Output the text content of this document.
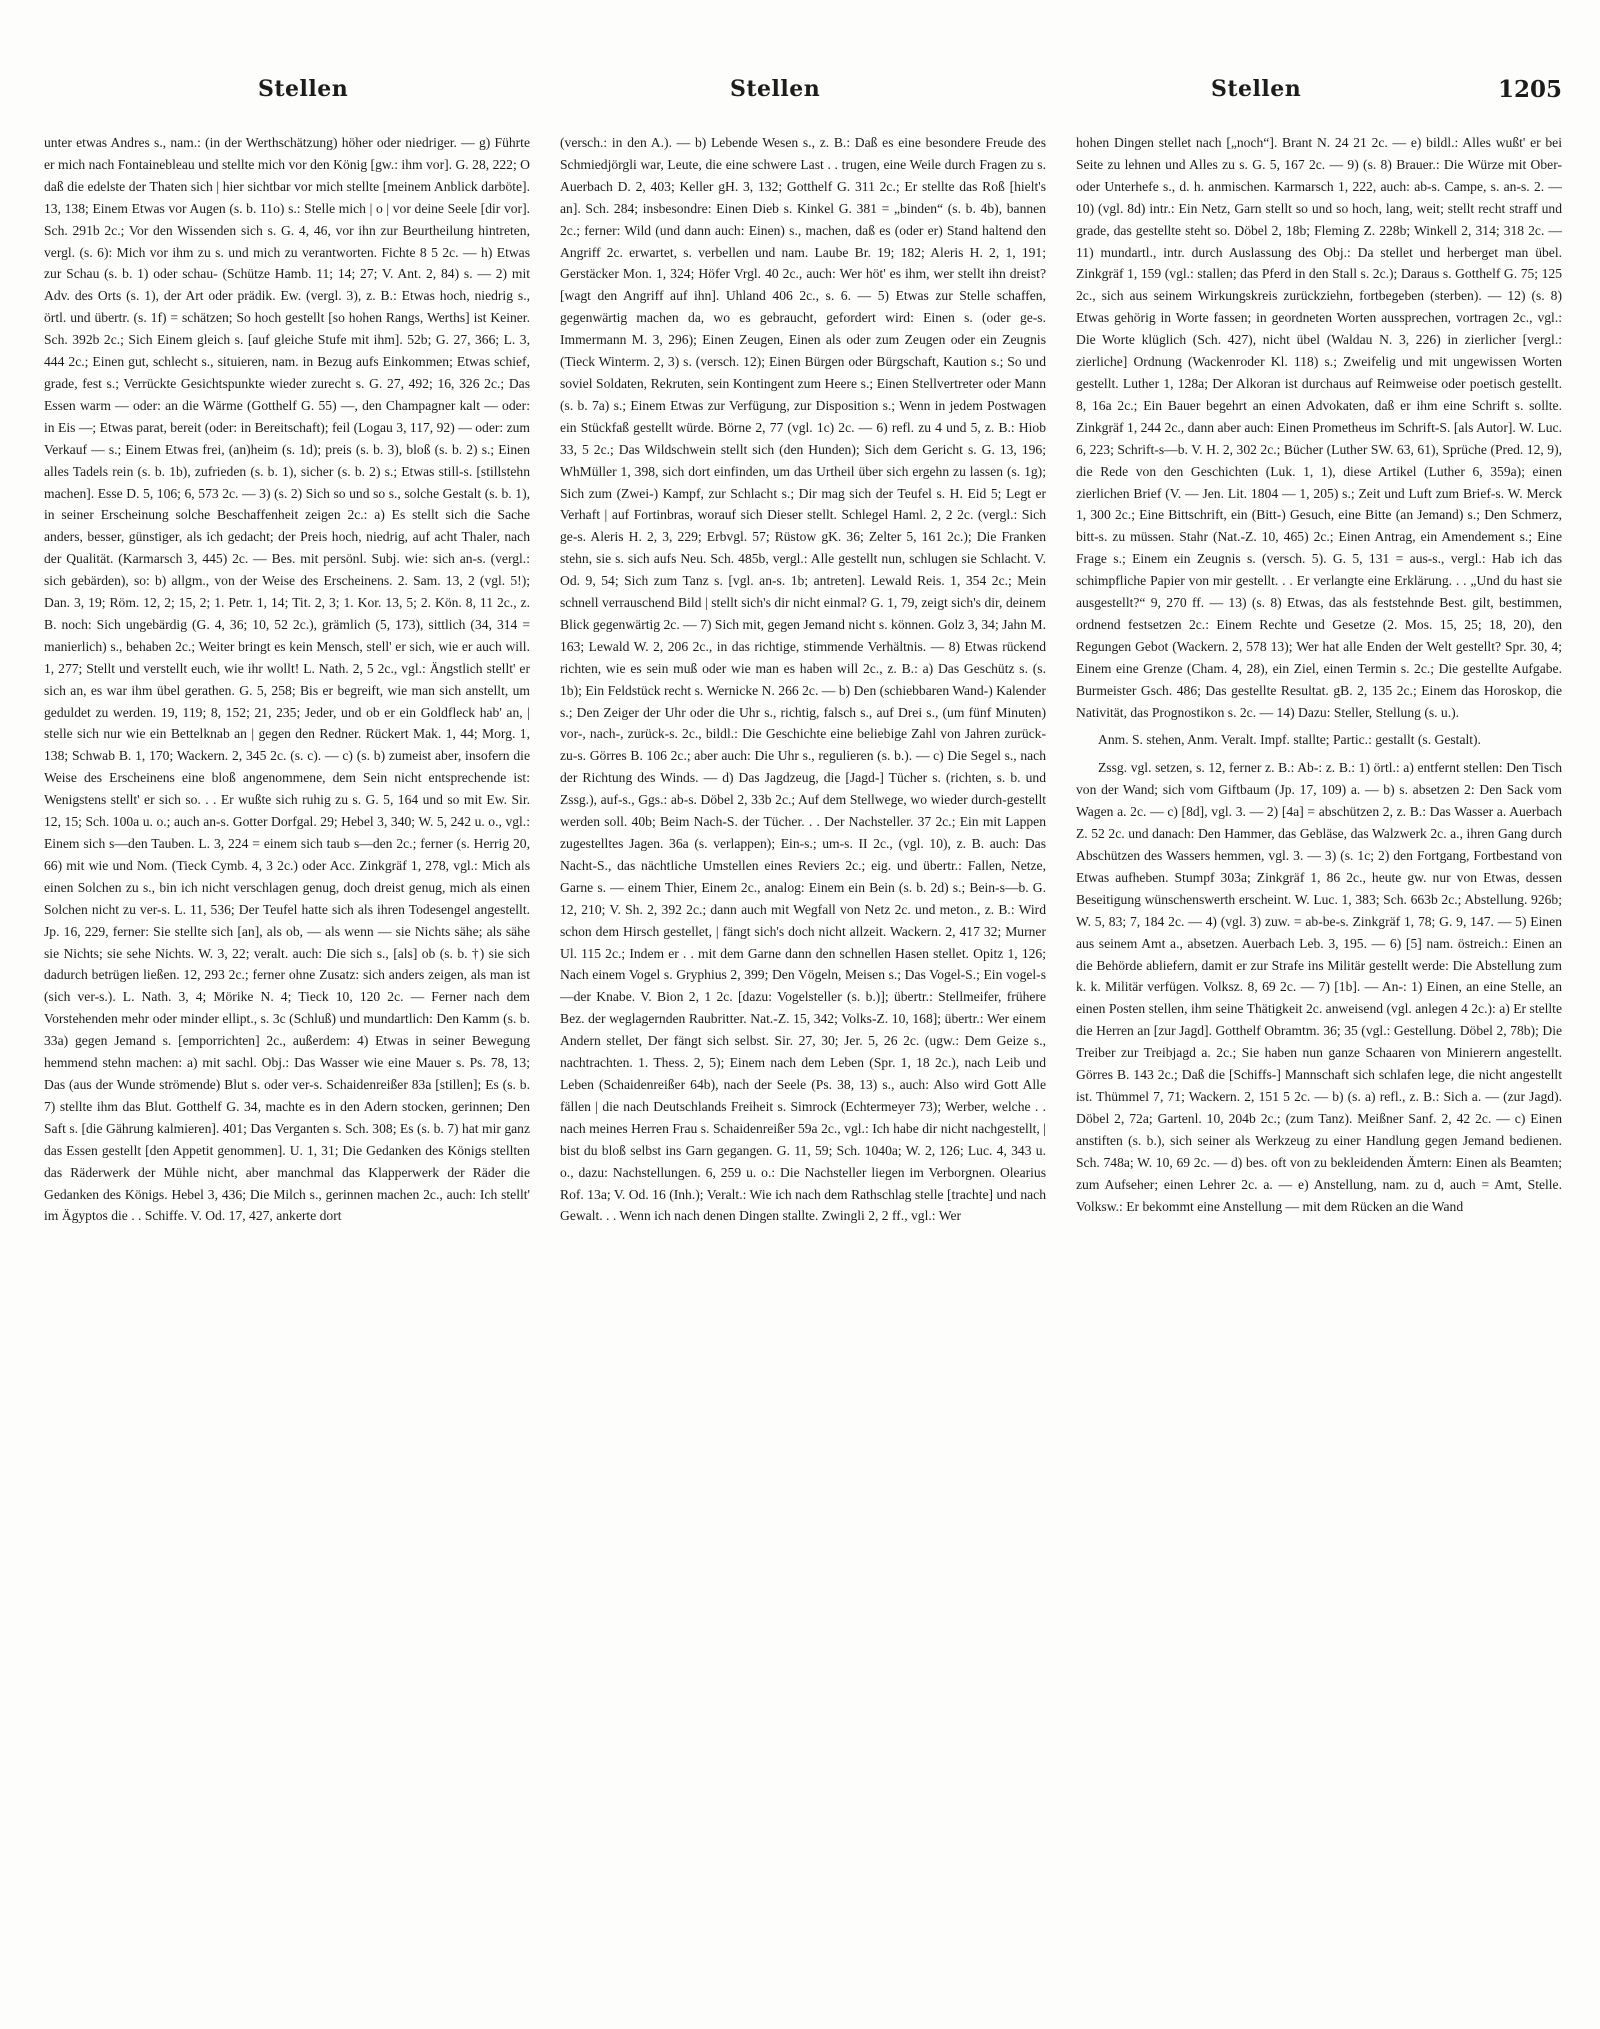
Stellen	Stellen	Stellen	1205

unter etwas Andres s., nam.: (in der Werthschätzung) höher oder niedriger. — g) Führte er mich nach Fontainebleau und stellte mich vor den König [gw.: ihm vor]. G. 28, 222; O daß die edelste der Thaten sich | hier sichtbar vor mich stellte [meinem Anblick darböte]. 13, 138; Einem Etwas vor Augen (s. b. 11o) s.: Stelle mich | o | vor deine Seele [dir vor]. Sch. 291b 2c.; Vor den Wissenden sich s. G. 4, 46, vor ihn zur Beurtheilung hintreten, vergl. (s. 6): Mich vor ihm zu s. und mich zu verantworten. Fichte 8 5 2c. — h) Etwas zur Schau (s. b. 1) oder schau- (Schütze Hamb. 11; 14; 27; V. Ant. 2, 84) s. — 2) mit Adv. des Orts (s. 1), der Art oder prädik. Ew. (vergl. 3), z. B.: Etwas hoch, niedrig s., örtl. und übertr. (s. 1f) = schätzen; So hoch gestellt [so hohen Rangs, Werths] ist Keiner. Sch. 392b 2c.; Sich Einem gleich s. [auf gleiche Stufe mit ihm]. 52b; G. 27, 366; L. 3, 444 2c.; Einen gut, schlecht s., situieren, nam. in Bezug aufs Einkommen; Etwas schief, grade, fest s.; Verrückte Gesichtspunkte wieder zurecht s. G. 27, 492; 16, 326 2c.; Das Essen warm — oder: an die Wärme (Gotthelf G. 55) —, den Champagner kalt — oder: in Eis —; Etwas parat, bereit (oder: in Bereitschaft); feil (Logau 3, 117, 92) — oder: zum Verkauf — s.; Einem Etwas frei, (an)heim (s. 1d); preis (s. b. 3), bloß (s. b. 2) s.; Einen alles Tadels rein (s. b. 1b), zufrieden (s. b. 1), sicher (s. b. 2) s.; Etwas still-s. [stillstehn machen]. Esse D. 5, 106; 6, 573 2c. — 3) (s. 2) Sich so und so s., solche Gestalt (s. b. 1), in seiner Erscheinung solche Beschaffenheit zeigen 2c.: a) Es stellt sich die Sache anders, besser, günstiger, als ich gedacht; der Preis hoch, niedrig, auf acht Thaler, nach der Qualität. (Karmarsch 3, 445) 2c. — Bes. mit persönl. Subj. wie: sich an-s. (vergl.: sich gebärden), so: b) allgm., von der Weise des Erscheinens. 2. Sam. 13, 2 (vgl. 5!); Dan. 3, 19; Röm. 12, 2; 15, 2; 1. Petr. 1, 14; Tit. 2, 3; 1. Kor. 13, 5; 2. Kön. 8, 11 2c., z. B. noch: Sich ungebärdig (G. 4, 36; 10, 52 2c.), grämlich (5, 173), sittlich (34, 314 = manierlich) s., behaben 2c.; Weiter bringt es kein Mensch, stell' er sich, wie er auch will. 1, 277; Stellt und verstellt euch, wie ihr wollt! L. Nath. 2, 5 2c., vgl.: Ängstlich stellt' er sich an, es war ihm übel gerathen. G. 5, 258; Bis er begreift, wie man sich anstellt, um geduldet zu werden. 19, 119; 8, 152; 21, 235; Jeder, und ob er ein Goldfleck hab' an, | stelle sich nur wie ein Bettelknab an | gegen den Redner. Rückert Mak. 1, 44; Morg. 1, 138; Schwab B. 1, 170; Wackern. 2, 345 2c. (s. c). — c) (s. b) zumeist aber, insofern die Weise des Erscheinens eine bloß angenommene, dem Sein nicht entsprechende ist: Wenigstens stellt' er sich so. . . Er wußte sich ruhig zu s. G. 5, 164 und so mit Ew. Sir. 12, 15; Sch. 100a u. o.; auch an-s. Gotter Dorfgal. 29; Hebel 3, 340; W. 5, 242 u. o., vgl.: Einem sich s—den Tauben. L. 3, 224 = einem sich taub s—den 2c.; ferner (s. Herrig 20, 66) mit wie und Nom. (Tieck Cymb. 4, 3 2c.) oder Acc. Zinkgräf 1, 278, vgl.: Mich als einen Solchen zu s., bin ich nicht verschlagen genug, doch dreist genug, mich als einen Solchen nicht zu ver-s. L. 11, 536; Der Teufel hatte sich als ihren Todesengel angestellt. Jp. 16, 229, ferner: Sie stellte sich [an], als ob, — als wenn — sie Nichts sähe; als sähe sie Nichts; sie sehe Nichts. W. 3, 22; veralt. auch: Die sich s., [als] ob (s. b. †) sie sich dadurch betrügen ließen. 12, 293 2c.; ferner ohne Zusatz: sich anders zeigen, als man ist (sich ver-s.). L. Nath. 3, 4; Mörike N. 4; Tieck 10, 120 2c. — Ferner nach dem Vorstehenden mehr oder minder ellipt., s. 3c (Schluß) und mundartlich: Den Kamm (s. b. 33a) gegen Jemand s. [emporrichten] 2c., außerdem: 4) Etwas in seiner Bewegung hemmend stehn machen: a) mit sachl. Obj.: Das Wasser wie eine Mauer s. Ps. 78, 13; Das (aus der Wunde strömende) Blut s. oder ver-s. Schaidenreißer 83a [stillen]; Es (s. b. 7) stellte ihm das Blut. Gotthelf G. 34, machte es in den Adern stocken, gerinnen; Den Saft s. [die Gährung kalmieren]. 401; Das Verganten s. Sch. 308; Es (s. b. 7) hat mir ganz das Essen gestellt [den Appetit genommen]. U. 1, 31; Die Gedanken des Königs stellten das Räderwerk der Mühle nicht, aber manchmal das Klapperwerk der Räder die Gedanken des Königs. Hebel 3, 436; Die Milch s., gerinnen machen 2c., auch: Ich stellt' im Ägyptos die . . Schiffe. V. Od. 17, 427, ankerte dort

(versch.: in den A.). — b) Lebende Wesen s., z. B.: Daß es eine besondere Freude des Schmiedjörgli war, Leute, die eine schwere Last . . trugen, eine Weile durch Fragen zu s. Auerbach D. 2, 403; Keller gH. 3, 132; Gotthelf G. 311 2c.; Er stellte das Roß [hielt's an]. Sch. 284; insbesondre: Einen Dieb s. Kinkel G. 381 = „binden“ (s. b. 4b), bannen 2c.; ferner: Wild (und dann auch: Einen) s., machen, daß es (oder er) Stand haltend den Angriff 2c. erwartet, s. verbellen und nam. Laube Br. 19; 182; Aleris H. 2, 1, 191; Gerstäcker Mon. 1, 324; Höfer Vrgl. 40 2c., auch: Wer höt' es ihm, wer stellt ihn dreist? [wagt den Angriff auf ihn]. Uhland 406 2c., s. 6. — 5) Etwas zur Stelle schaffen, gegenwärtig machen da, wo es gebraucht, gefordert wird: Einen s. (oder ge-s. Immermann M. 3, 296); Einen Zeugen, Einen als oder zum Zeugen oder ein Zeugnis (Tieck Winterm. 2, 3) s. (versch. 12); Einen Bürgen oder Bürgschaft, Kaution s.; So und soviel Soldaten, Rekruten, sein Kontingent zum Heere s.; Einen Stellvertreter oder Mann (s. b. 7a) s.; Einem Etwas zur Verfügung, zur Disposition s.; Wenn in jedem Postwagen ein Stückfaß gestellt würde. Börne 2, 77 (vgl. 1c) 2c. — 6) refl. zu 4 und 5, z. B.: Hiob 33, 5 2c.; Das Wildschwein stellt sich (den Hunden); Sich dem Gericht s. G. 13, 196; WhMüller 1, 398, sich dort einfinden, um das Urtheil über sich ergehn zu lassen (s. 1g); Sich zum (Zwei-) Kampf, zur Schlacht s.; Dir mag sich der Teufel s. H. Eid 5; Legt er Verhaft | auf Fortinbras, worauf sich Dieser stellt. Schlegel Haml. 2, 2 2c. (vergl.: Sich ge-s. Aleris H. 2, 3, 229; Erbvgl. 57; Rüstow gK. 36; Zelter 5, 161 2c.); Die Franken stehn, sie s. sich aufs Neu. Sch. 485b, vergl.: Alle gestellt nun, schlugen sie Schlacht. V. Od. 9, 54; Sich zum Tanz s. [vgl. an-s. 1b; antreten]. Lewald Reis. 1, 354 2c.; Mein schnell verrauschend Bild | stellt sich's dir nicht einmal? G. 1, 79, zeigt sich's dir, deinem Blick gegenwärtig 2c. — 7) Sich mit, gegen Jemand nicht s. können. Golz 3, 34; Jahn M. 163; Lewald W. 2, 206 2c., in das richtige, stimmende Verhältnis. — 8) Etwas rückend richten, wie es sein muß oder wie man es haben will 2c., z. B.: a) Das Geschütz s. (s. 1b); Ein Feldstück recht s. Wernicke N. 266 2c. — b) Den (schiebbaren Wand-) Kalender s.; Den Zeiger der Uhr oder die Uhr s., richtig, falsch s., auf Drei s., (um fünf Minuten) vor-, nach-, zurück-s. 2c., bildl.: Die Geschichte eine beliebige Zahl von Jahren zurück-zu-s. Görres B. 106 2c.; aber auch: Die Uhr s., regulieren (s. b.). — c) Die Segel s., nach der Richtung des Winds. — d) Das Jagdzeug, die [Jagd-] Tücher s. (richten, s. b. und Zssg.), auf-s., Ggs.: ab-s. Döbel 2, 33b 2c.; Auf dem Stellwege, wo wieder durch-gestellt werden soll. 40b; Beim Nach-S. der Tücher. . . Der Nachsteller. 37 2c.; Ein mit Lappen zugestelltes Jagen. 36a (s. verlappen); Ein-s.; um-s. II 2c., (vgl. 10), z. B. auch: Das Nacht-S., das nächtliche Umstellen eines Reviers 2c.; eig. und übertr.: Fallen, Netze, Garne s. — einem Thier, Einem 2c., analog: Einem ein Bein (s. b. 2d) s.; Bein-s—b. G. 12, 210; V. Sh. 2, 392 2c.; dann auch mit Wegfall von Netz 2c. und meton., z. B.: Wird schon dem Hirsch gestellet, | fängt sich's doch nicht allzeit. Wackern. 2, 417 32; Murner Ul. 115 2c.; Indem er . . mit dem Garne dann den schnellen Hasen stellet. Opitz 1, 126; Nach einem Vogel s. Gryphius 2, 399; Den Vögeln, Meisen s.; Das Vogel-S.; Ein vogel-s—der Knabe. V. Bion 2, 1 2c. [dazu: Vogelsteller (s. b.)]; übertr.: Stellmeifer, frühere Bez. der weglagernden Raubritter. Nat.-Z. 15, 342; Volks-Z. 10, 168]; übertr.: Wer einem Andern stellet, Der fängt sich selbst. Sir. 27, 30; Jer. 5, 26 2c. (ugw.: Dem Geize s., nachtrachten. 1. Thess. 2, 5); Einem nach dem Leben (Spr. 1, 18 2c.), nach Leib und Leben (Schaidenreißer 64b), nach der Seele (Ps. 38, 13) s., auch: Also wird Gott Alle fällen | die nach Deutschlands Freiheit s. Simrock (Echtermeyer 73); Werber, welche . . nach meines Herren Frau s. Schaidenreißer 59a 2c., vgl.: Ich habe dir nicht nachgestellt, | bist du bloß selbst ins Garn gegangen. G. 11, 59; Sch. 1040a; W. 2, 126; Luc. 4, 343 u. o., dazu: Nachstellungen. 6, 259 u. o.: Die Nachsteller liegen im Verborgnen. Olearius Rof. 13a; V. Od. 16 (Inh.); Veralt.: Wie ich nach dem Rathschlag stelle [trachte] und nach Gewalt. . . Wenn ich nach denen Dingen stallte. Zwingli 2, 2 ff., vgl.: Wer

hohen Dingen stellet nach [„noch“]. Brant N. 24 21 2c. — e) bildl.: Alles wußt' er bei Seite zu lehnen und Alles zu s. G. 5, 167 2c. — 9) (s. 8) Brauer.: Die Würze mit Ober- oder Unterhefe s., d. h. anmischen. Karmarsch 1, 222, auch: ab-s. Campe, s. an-s. 2. — 10) (vgl. 8d) intr.: Ein Netz, Garn stellt so und so hoch, lang, weit; stellt recht straff und grade, das gestellte steht so. Döbel 2, 18b; Fleming Z. 228b; Winkell 2, 314; 318 2c. — 11) mundartl., intr. durch Auslassung des Obj.: Da stellet und herberget man übel. Zinkgräf 1, 159 (vgl.: stallen; das Pferd in den Stall s. 2c.); Daraus s. Gotthelf G. 75; 125 2c., sich aus seinem Wirkungskreis zurückziehn, fortbegeben (sterben). — 12) (s. 8) Etwas gehörig in Worte fassen; in geordneten Worten aussprechen, vortragen 2c., vgl.: Die Worte klüglich (Sch. 427), nicht übel (Waldau N. 3, 226) in zierlicher [vergl.: zierliche] Ordnung (Wackenroder Kl. 118) s.; Zweifelig und mit ungewissen Worten gestellt. Luther 1, 128a; Der Alkoran ist durchaus auf Reimweise oder poetisch gestellt. 8, 16a 2c.; Ein Bauer begehrt an einen Advokaten, daß er ihm eine Schrift s. sollte. Zinkgräf 1, 244 2c., dann aber auch: Einen Prometheus im Schrift-S. [als Autor]. W. Luc. 6, 223; Schrift-s—b. V. H. 2, 302 2c.; Bücher (Luther SW. 63, 61), Sprüche (Pred. 12, 9), die Rede von den Geschichten (Luk. 1, 1), diese Artikel (Luther 6, 359a); einen zierlichen Brief (V. — Jen. Lit. 1804 — 1, 205) s.; Zeit und Luft zum Brief-s. W. Merck 1, 300 2c.; Eine Bittschrift, ein (Bitt-) Gesuch, eine Bitte (an Jemand) s.; Den Schmerz, bitt-s. zu müssen. Stahr (Nat.-Z. 10, 465) 2c.; Einen Antrag, ein Amendement s.; Eine Frage s.; Einem ein Zeugnis s. (versch. 5). G. 5, 131 = aus-s., vergl.: Hab ich das schimpfliche Papier von mir gestellt. . . Er verlangte eine Erklärung. . . „Und du hast sie ausgestellt?“ 9, 270 ff. — 13) (s. 8) Etwas, das als feststehnde Best. gilt, bestimmen, ordnend festsetzen 2c.: Einem Rechte und Gesetze (2. Mos. 15, 25; 18, 20), den Regungen Gebot (Wackern. 2, 578 13); Wer hat alle Enden der Welt gestellt? Spr. 30, 4; Einem eine Grenze (Cham. 4, 28), ein Ziel, einen Termin s. 2c.; Die gestellte Aufgabe. Burmeister Gsch. 486; Das gestellte Resultat. gB. 2, 135 2c.; Einem das Horoskop, die Nativität, das Prognostikon s. 2c. — 14) Dazu: Steller, Stellung (s. u.).

Anm. S. stehen, Anm. Veralt. Impf. stallte; Partic.: gestallt (s. Gestalt).

Zssg. vgl. setzen, s. 12, ferner z. B.: Ab-: z. B.: 1) örtl.: a) entfernt stellen: Den Tisch von der Wand; sich vom Giftbaum (Jp. 17, 109) a. — b) s. absetzen 2: Den Sack vom Wagen a. 2c. — c) [8d], vgl. 3. — 2) [4a] = abschützen 2, z. B.: Das Wasser a. Auerbach Z. 52 2c. und danach: Den Hammer, das Gebläse, das Walzwerk 2c. a., ihren Gang durch Abschützen des Wassers hemmen, vgl. 3. — 3) (s. 1c; 2) den Fortgang, Fortbestand von Etwas aufheben. Stumpf 303a; Zinkgräf 1, 86 2c., heute gw. nur von Etwas, dessen Beseitigung wünschenswerth erscheint. W. Luc. 1, 383; Sch. 663b 2c.; Abstellung. 926b; W. 5, 83; 7, 184 2c. — 4) (vgl. 3) zuw. = ab-be-s. Zinkgräf 1, 78; G. 9, 147. — 5) Einen aus seinem Amt a., absetzen. Auerbach Leb. 3, 195. — 6) [5] nam. östreich.: Einen an die Behörde abliefern, damit er zur Strafe ins Militär gestellt werde: Die Abstellung zum k. k. Militär verfügen. Volksz. 8, 69 2c. — 7) [1b]. — An-: 1) Einen, an eine Stelle, an einen Posten stellen, ihm seine Thätigkeit 2c. anweisend (vgl. anlegen 4 2c.): a) Er stellte die Herren an [zur Jagd]. Gotthelf Obramtm. 36; 35 (vgl.: Gestellung. Döbel 2, 78b); Die Treiber zur Treibjagd a. 2c.; Sie haben nun ganze Schaaren von Minierern angestellt. Görres B. 143 2c.; Daß die [Schiffs-] Mannschaft sich schlafen lege, die nicht angestellt ist. Thümmel 7, 71; Wackern. 2, 151 5 2c. — b) (s. a) refl., z. B.: Sich a. — (zur Jagd). Döbel 2, 72a; Gartenl. 10, 204b 2c.; (zum Tanz). Meißner Sanf. 2, 42 2c. — c) Einen anstiften (s. b.), sich seiner als Werkzeug zu einer Handlung gegen Jemand bedienen. Sch. 748a; W. 10, 69 2c. — d) bes. oft von zu bekleidenden Ämtern: Einen als Beamten; zum Aufseher; einen Lehrer 2c. a. — e) Anstellung, nam. zu d, auch = Amt, Stelle. Volksw.: Er bekommt eine Anstellung — mit dem Rücken an die Wand
